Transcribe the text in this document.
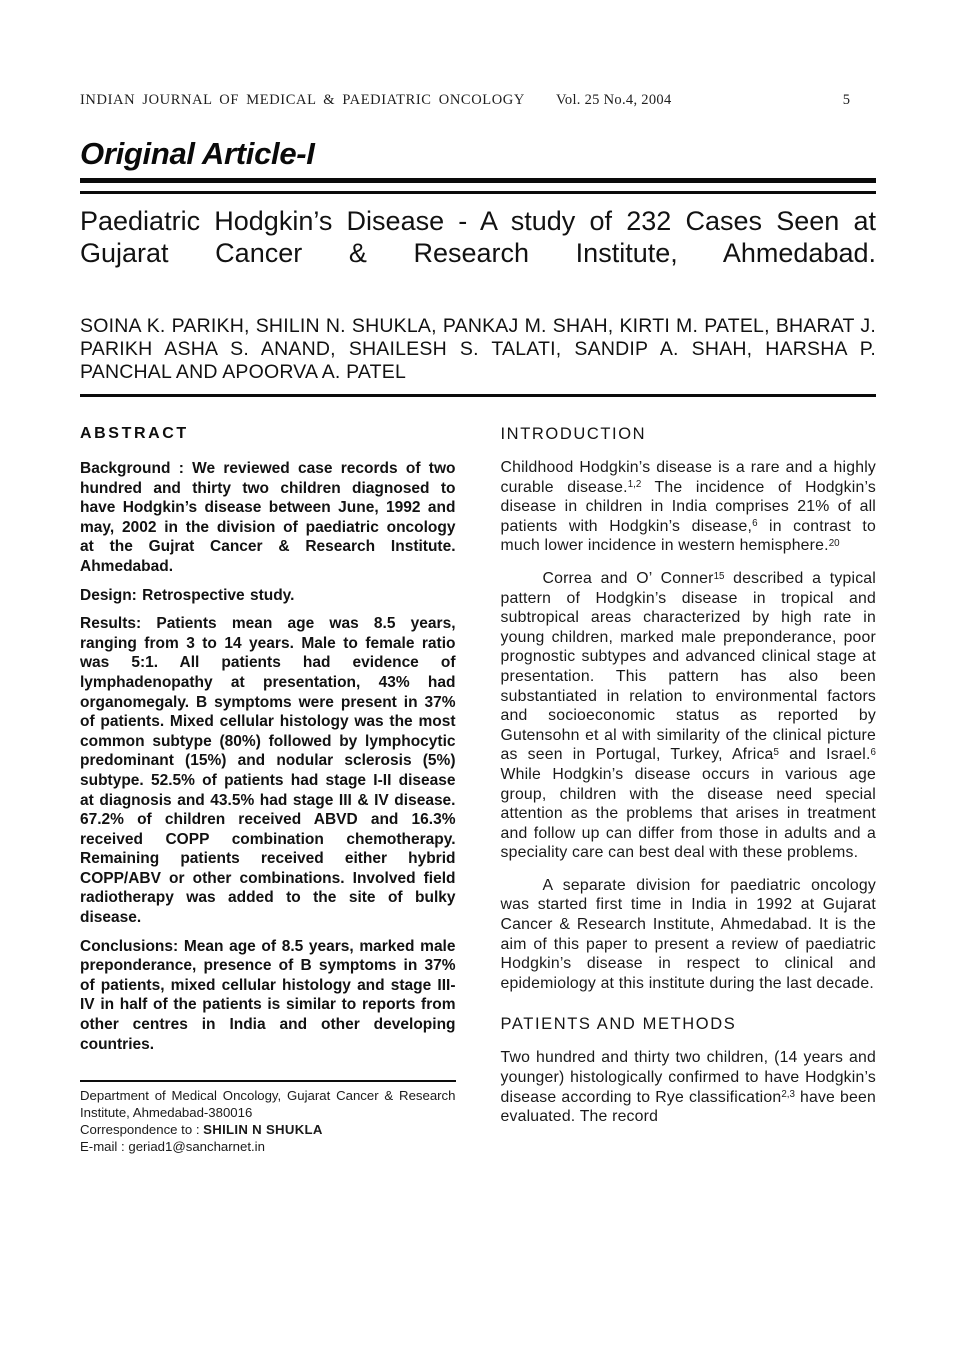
INDIAN JOURNAL OF MEDICAL & PAEDIATRIC ONCOLOGY Vol. 25 No.4, 2004	5
Original Article-I
Paediatric Hodgkin’s Disease - A study of 232 Cases Seen at Gujarat Cancer & Research Institute, Ahmedabad.
SOINA K. PARIKH, SHILIN N. SHUKLA, PANKAJ M. SHAH, KIRTI M. PATEL, BHARAT J. PARIKH ASHA S. ANAND, SHAILESH S. TALATI, SANDIP A. SHAH, HARSHA P. PANCHAL AND APOORVA A. PATEL
ABSTRACT

Background : We reviewed case records of two hundred and thirty two children diagnosed to have Hodgkin’s disease between June, 1992 and may, 2002 in the division of paediatric oncology at the Gujrat Cancer & Research Institute. Ahmedabad.

Design: Retrospective study.

Results: Patients mean age was 8.5 years, ranging from 3 to 14 years. Male to female ratio was 5:1. All patients had evidence of lymphadenopathy at presentation, 43% had organomegaly. B symptoms were present in 37% of patients. Mixed cellular histology was the most common subtype (80%) followed by lymphocytic predominant (15%) and nodular sclerosis (5%) subtype. 52.5% of patients had stage I-II disease at diagnosis and 43.5% had stage III & IV disease. 67.2% of children received ABVD and 16.3% received COPP combination chemotherapy. Remaining patients received either hybrid COPP/ABV or other combinations. Involved field radiotherapy was added to the site of bulky disease.

Conclusions: Mean age of 8.5 years, marked male preponderance, presence of B symptoms in 37% of patients, mixed cellular histology and stage III-IV in half of the patients is similar to reports from other centres in India and other developing countries.

Department of Medical Oncology, Gujarat Cancer & Research Institute, Ahmedabad-380016
Correspondence to : SHILIN N SHUKLA
E-mail : geriad1@sancharnet.in
INTRODUCTION

Childhood Hodgkin’s disease is a rare and a highly curable disease.$^{1,2}$ The incidence of Hodgkin’s disease in children in India comprises 21% of all patients with Hodgkin’s disease,$^6$ in contrast to much lower incidence in western hemisphere.$^{20}$

Correa and O’ Conner$^{15}$ described a typical pattern of Hodgkin’s disease in tropical and subtropical areas characterized by high rate in young children, marked male preponderance, poor prognostic subtypes and advanced clinical stage at presentation. This pattern has also been substantiated in relation to environmental factors and socioeconomic status as reported by Gutensohn et al with similarity of the clinical picture as seen in Portugal, Turkey, Africa$^5$ and Israel.$^6$ While Hodgkin’s disease occurs in various age group, children with the disease need special attention as the problems that arises in treatment and follow up can differ from those in adults and a speciality care can best deal with these problems.

A separate division for paediatric oncology was started first time in India in 1992 at Gujarat Cancer & Research Institute, Ahmedabad. It is the aim of this paper to present a review of paediatric Hodgkin’s disease in respect to clinical and epidemiology at this institute during the last decade.

PATIENTS AND METHODS

Two hundred and thirty two children, (14 years and younger) histologically confirmed to have Hodgkin’s disease according to Rye classification$^{2,3}$ have been evaluated. The record
